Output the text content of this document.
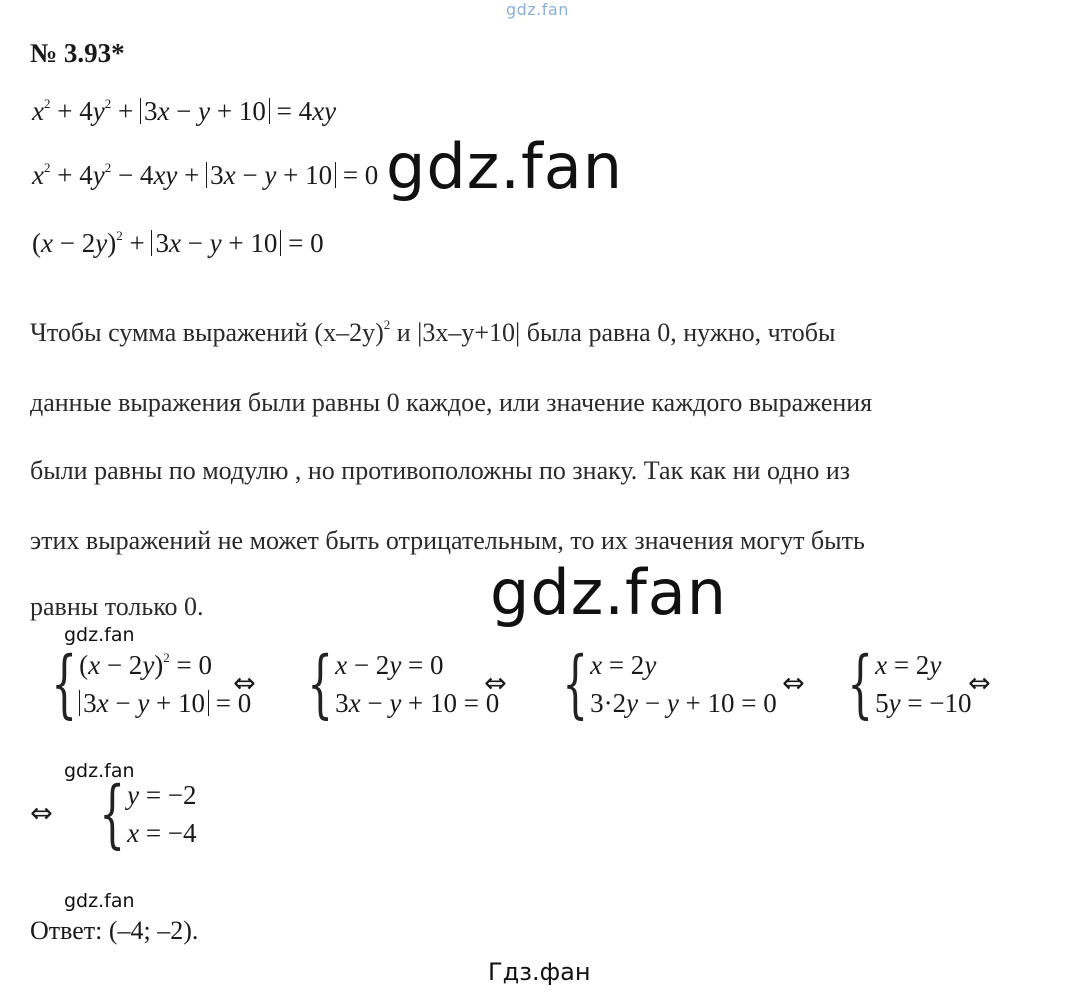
gdz.fan
№ 3.93*
$x^2 + 4y^2 + 3x - y + 10 = 4xy$
$x^2 + 4y^2 - 4xy + 3x - y + 10 = 0$
$(x - 2y)^2 + 3x - y + 10 = 0$
gdz.fan
Чтобы сумма выражений $(x-2y)^2$ и |3x–y+10| была равна 0, нужно, чтобы
данные выражения были равны 0 каждое, или значение каждого выражения
были равны по модулю , но противоположны по знаку. Так как ни одно из
этих выражений не может быть отрицательным, то их значения могут быть
равны только 0.	gdz.fan
gdz.fan
{ $(x - 2y)^2 = 0$
3x − y + 10 = 0
⇔ { x − 2y = 0
3x − y + 10 = 0
⇔ { x = 2y
3·2y − y + 10 = 0
⇔ { x = 2y
5y = −10
⇔
gdz.fan
⇔ { y = −2
x = −4
gdz.fan
Ответ: (–4; –2).
Гдз.фан
